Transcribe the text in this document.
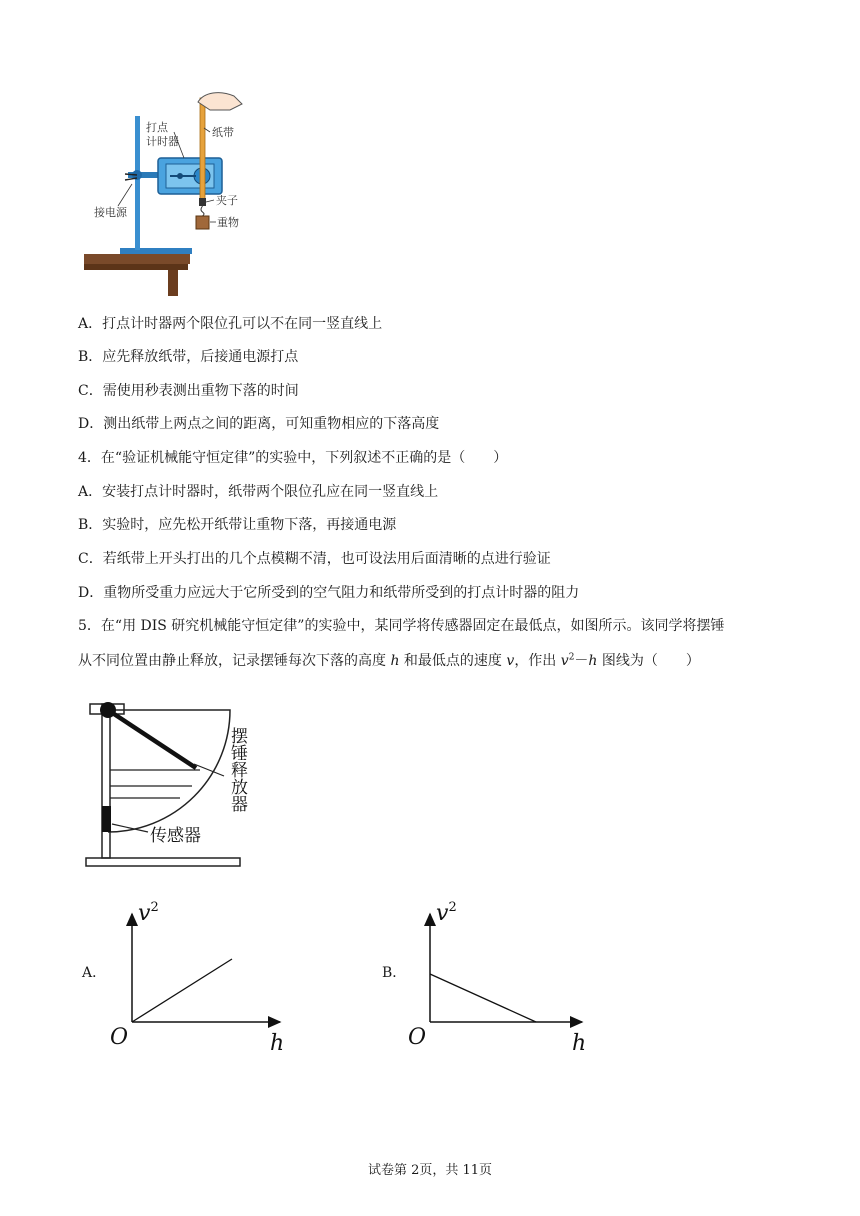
打点
计时器
纸带
接电源
夹子
重物
A．打点计时器两个限位孔可以不在同一竖直线上
B．应先释放纸带，后接通电源打点
C．需使用秒表测出重物下落的时间
D．测出纸带上两点之间的距离，可知重物相应的下落高度
4．在“验证机械能守恒定律”的实验中，下列叙述不正确的是（　　）
A．安装打点计时器时，纸带两个限位孔应在同一竖直线上
B．实验时，应先松开纸带让重物下落，再接通电源
C．若纸带上开头打出的几个点模糊不清，也可设法用后面清晰的点进行验证
D．重物所受重力应远大于它所受到的空气阻力和纸带所受到的打点计时器的阻力
5．在“用 DIS 研究机械能守恒定律”的实验中，某同学将传感器固定在最低点，如图所示。该同学将摆锤
从不同位置由静止释放，记录摆锤每次下落的高度 h 和最低点的速度 v，作出 $v^2-h$ 图线为（　　）
传感器
摆锤释放器
A．
$v^2$
h
O
B．
$v^2$
h
O
试卷第 2页，共 11页
